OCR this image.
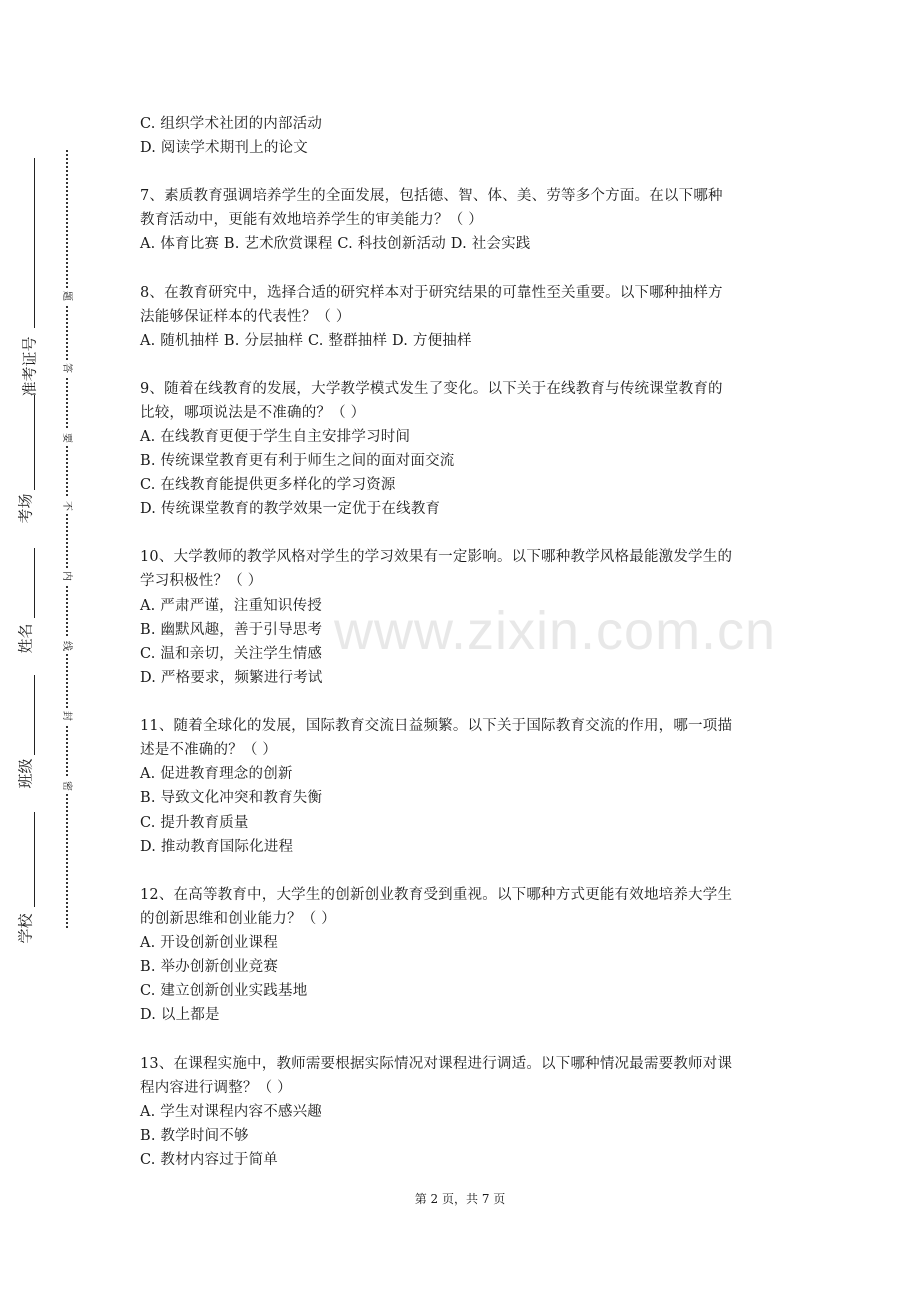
准考证号
考场
姓名
班级
学校
题
答
要
不
内
线
封
密
www.zixin.com.cn
C. 组织学术社团的内部活动
D. 阅读学术期刊上的论文
7、素质教育强调培养学生的全面发展，包括德、智、体、美、劳等多个方面。在以下哪种
教育活动中，更能有效地培养学生的审美能力？（ ）
A. 体育比赛 B. 艺术欣赏课程 C. 科技创新活动 D. 社会实践
8、在教育研究中，选择合适的研究样本对于研究结果的可靠性至关重要。以下哪种抽样方
法能够保证样本的代表性？（ ）
A. 随机抽样 B. 分层抽样 C. 整群抽样 D. 方便抽样
9、随着在线教育的发展，大学教学模式发生了变化。以下关于在线教育与传统课堂教育的
比较，哪项说法是不准确的？（ ）
A. 在线教育更便于学生自主安排学习时间
B. 传统课堂教育更有利于师生之间的面对面交流
C. 在线教育能提供更多样化的学习资源
D. 传统课堂教育的教学效果一定优于在线教育
10、大学教师的教学风格对学生的学习效果有一定影响。以下哪种教学风格最能激发学生的
学习积极性？（ ）
A. 严肃严谨，注重知识传授
B. 幽默风趣，善于引导思考
C. 温和亲切，关注学生情感
D. 严格要求，频繁进行考试
11、随着全球化的发展，国际教育交流日益频繁。以下关于国际教育交流的作用，哪一项描
述是不准确的？（ ）
A. 促进教育理念的创新
B. 导致文化冲突和教育失衡
C. 提升教育质量
D. 推动教育国际化进程
12、在高等教育中，大学生的创新创业教育受到重视。以下哪种方式更能有效地培养大学生
的创新思维和创业能力？（ ）
A. 开设创新创业课程
B. 举办创新创业竞赛
C. 建立创新创业实践基地
D. 以上都是
13、在课程实施中，教师需要根据实际情况对课程进行调适。以下哪种情况最需要教师对课
程内容进行调整？（ ）
A. 学生对课程内容不感兴趣
B. 教学时间不够
C. 教材内容过于简单
第 2 页，共 7 页
